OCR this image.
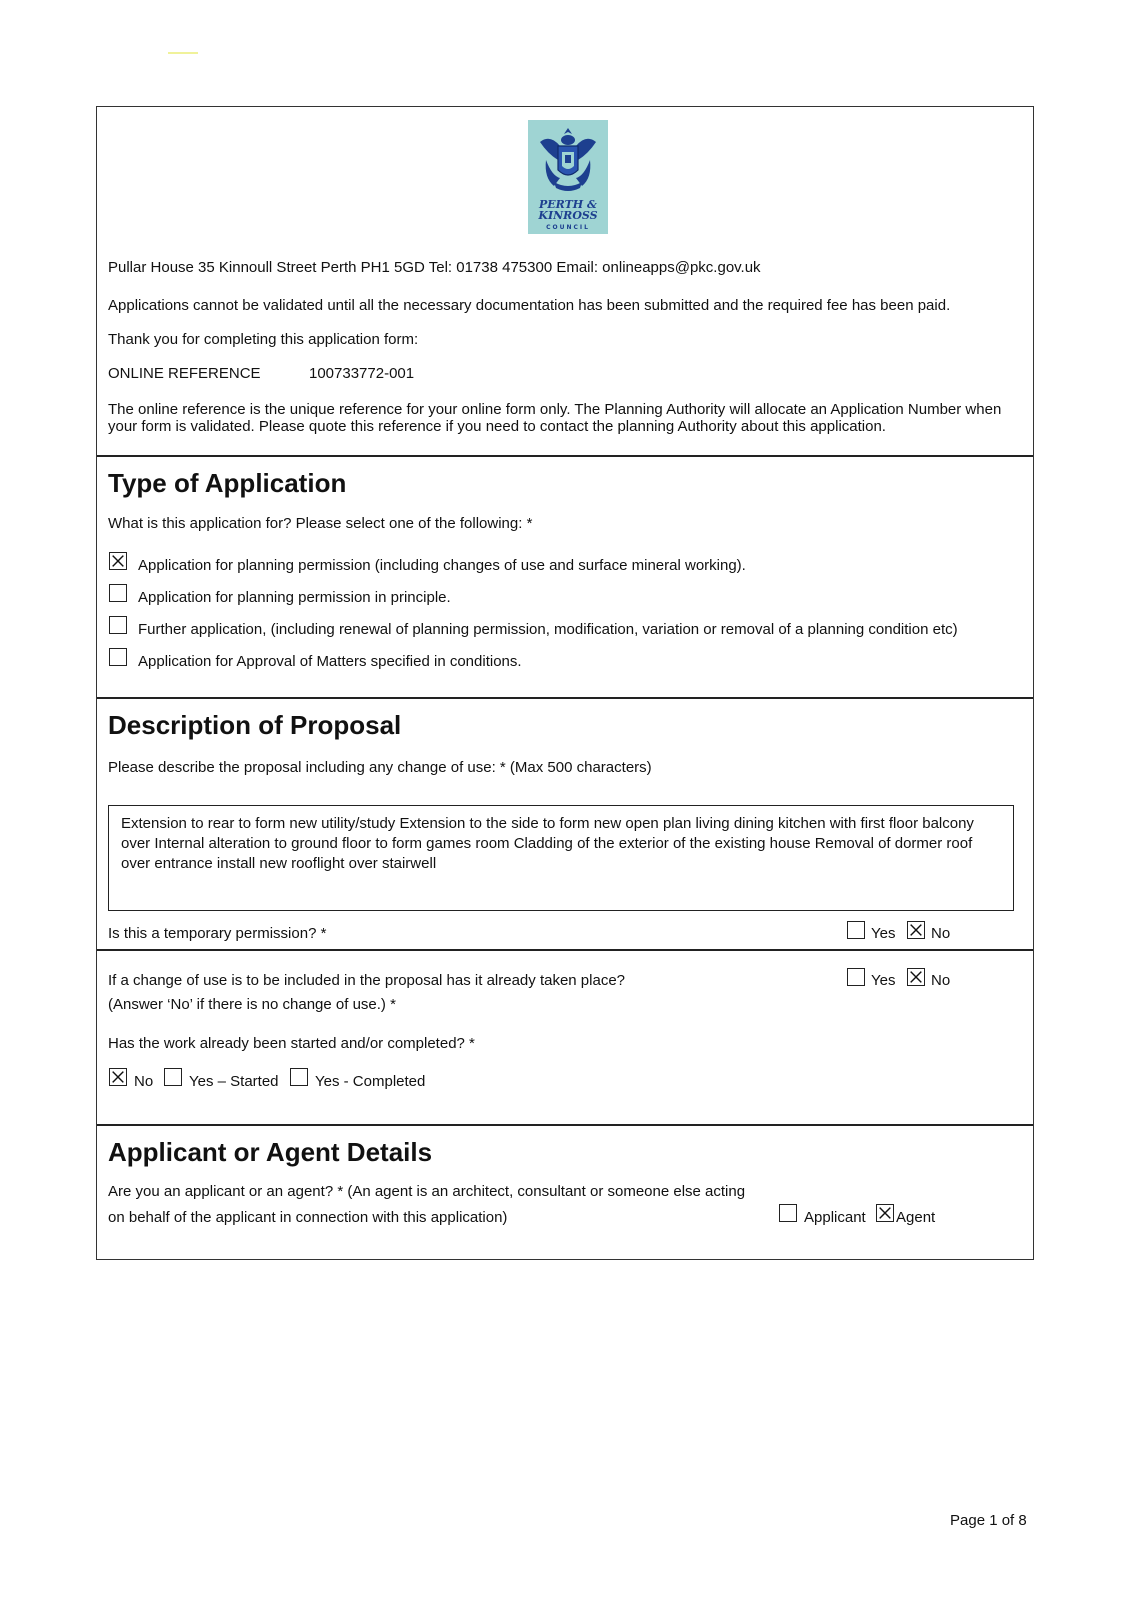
PERTH &
KINROSS
COUNCIL
Pullar House 35 Kinnoull Street Perth PH1 5GD Tel: 01738 475300 Email: onlineapps@pkc.gov.uk
Applications cannot be validated until all the necessary documentation has been submitted and the required fee has been paid.
Thank you for completing this application form:
ONLINE REFERENCE	100733772-001
The online reference is the unique reference for your online form only. The Planning Authority will allocate an Application Number when your form is validated. Please quote this reference if you need to contact the planning Authority about this application.
Type of Application
What is this application for? Please select one of the following: *
Application for planning permission (including changes of use and surface mineral working).
Application for planning permission in principle.
Further application, (including renewal of planning permission, modification, variation or removal of a planning condition etc)
Application for Approval of Matters specified in conditions.
Description of Proposal
Please describe the proposal including any change of use: * (Max 500 characters)
Extension to rear to form new utility/study Extension to the side to form new open plan living dining kitchen with first floor balcony over Internal alteration to ground floor to form games room Cladding of the exterior of the existing house Removal of dormer roof over entrance install new rooflight over stairwell
Is this a temporary permission? *	Yes No
If a change of use is to be included in the proposal has it already taken place?
(Answer ‘No’ if there is no change of use.) *
Yes No
Has the work already been started and/or completed? *
No Yes – Started Yes - Completed
Applicant or Agent Details
Are you an applicant or an agent? * (An agent is an architect, consultant or someone else acting
on behalf of the applicant in connection with this application)	Applicant Agent
Page 1 of 8
